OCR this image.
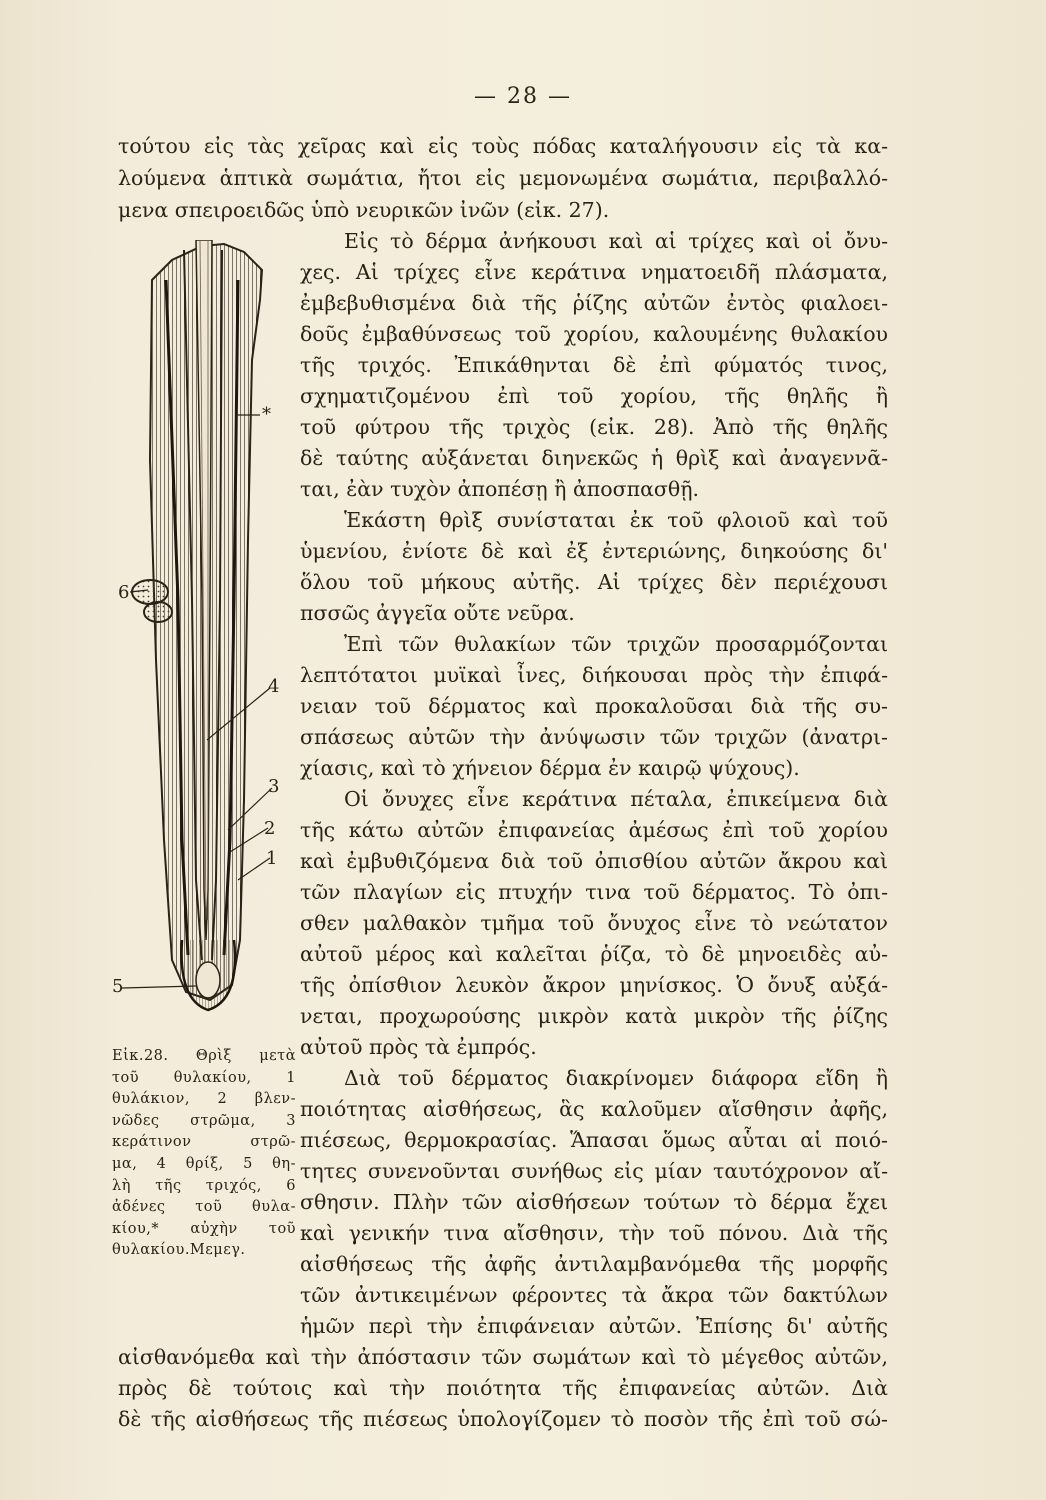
— 28 —
τούτου εἰς τὰς χεῖρας καὶ εἰς τοὺς πόδας καταλήγουσιν εἰς τὰ κα-
λούμενα ἁπτικὰ σωμάτια, ἤτοι εἰς μεμονωμένα σωμάτια, περιβαλλό-
μενα σπειροειδῶς ὑπὸ νευρικῶν ἰνῶν (εἰκ. 27).
Εἰς τὸ δέρμα ἀνήκουσι καὶ αἱ τρίχες καὶ οἱ ὄνυ-
χες. Αἱ τρίχες εἶνε κεράτινα νηματοειδῆ πλάσματα,
ἐμβεβυθισμένα διὰ τῆς ῥίζης αὐτῶν ἐντὸς φιαλοει-
δοῦς ἐμβαθύνσεως τοῦ χορίου, καλουμένης θυλακίου
τῆς τριχός. Ἐπικάθηνται δὲ ἐπὶ φύματός τινος,
σχηματιζομένου ἐπὶ τοῦ χορίου, τῆς θηλῆς ἢ
τοῦ φύτρου τῆς τριχὸς (εἰκ. 28). Ἀπὸ τῆς θηλῆς
δὲ ταύτης αὐξάνεται διηνεκῶς ἡ θρὶξ καὶ ἀναγεννᾶ-
ται, ἐὰν τυχὸν ἀποπέσῃ ἢ ἀποσπασθῇ.
Ἑκάστη θρὶξ συνίσταται ἐκ τοῦ φλοιοῦ καὶ τοῦ
ὑμενίου, ἐνίοτε δὲ καὶ ἐξ ἐντεριώνης, διηκούσης δι'
ὅλου τοῦ μήκους αὐτῆς. Αἱ τρίχες δὲν περιέχουσι
πσσῶς ἀγγεῖα οὔτε νεῦρα.
Ἐπὶ τῶν θυλακίων τῶν τριχῶν προσαρμόζονται
λεπτότατοι μυϊκαὶ ἶνες, διήκουσαι πρὸς τὴν ἐπιφά-
νειαν τοῦ δέρματος καὶ προκαλοῦσαι διὰ τῆς συ-
σπάσεως αὐτῶν τὴν ἀνύψωσιν τῶν τριχῶν (ἀνατρι-
χίασις, καὶ τὸ χήνειον δέρμα ἐν καιρῷ ψύχους).
Οἱ ὄνυχες εἶνε κεράτινα πέταλα, ἐπικείμενα διὰ
τῆς κάτω αὐτῶν ἐπιφανείας ἀμέσως ἐπὶ τοῦ χορίου
καὶ ἐμβυθιζόμενα διὰ τοῦ ὀπισθίου αὐτῶν ἄκρου καὶ
τῶν πλαγίων εἰς πτυχήν τινα τοῦ δέρματος. Τὸ ὀπι-
σθεν μαλθακὸν τμῆμα τοῦ ὄνυχος εἶνε τὸ νεώτατον
αὐτοῦ μέρος καὶ καλεῖται ῥίζα, τὸ δὲ μηνοειδὲς αὐ-
τῆς ὀπίσθιον λευκὸν ἄκρον μηνίσκος. Ὁ ὄνυξ αὐξά-
νεται, προχωρούσης μικρὸν κατὰ μικρὸν τῆς ῥίζης
αὐτοῦ πρὸς τὰ ἐμπρός.
Διὰ τοῦ δέρματος διακρίνομεν διάφορα εἴδη ἢ
ποιότητας αἰσθήσεως, ἃς καλοῦμεν αἴσθησιν ἀφῆς,
πιέσεως, θερμοκρασίας. Ἅπασαι ὅμως αὗται αἱ ποιό-
τητες συνενοῦνται συνήθως εἰς μίαν ταυτόχρονον αἴ-
σθησιν. Πλὴν τῶν αἰσθήσεων τούτων τὸ δέρμα ἔχει
καὶ γενικήν τινα αἴσθησιν, τὴν τοῦ πόνου. Διὰ τῆς
αἰσθήσεως τῆς ἀφῆς ἀντιλαμβανόμεθα τῆς μορφῆς
τῶν ἀντικειμένων φέροντες τὰ ἄκρα τῶν δακτύλων
ἡμῶν περὶ τὴν ἐπιφάνειαν αὐτῶν. Ἐπίσης δι' αὐτῆς
αἰσθανόμεθα καὶ τὴν ἀπόστασιν τῶν σωμάτων καὶ τὸ μέγεθος αὐτῶν,
πρὸς δὲ τούτοις καὶ τὴν ποιότητα τῆς ἐπιφανείας αὐτῶν. Διὰ
δὲ τῆς αἰσθήσεως τῆς πιέσεως ὑπολογίζομεν τὸ ποσὸν τῆς ἐπὶ τοῦ σώ-
*
6
4
3
2
1
5
Εἰκ.28. Θρὶξ μετὰ
τοῦ θυλακίου, 1
θυλάκιον, 2 βλεν-
νῶδες στρῶμα, 3
κεράτινον στρῶ-
μα, 4 θρίξ, 5 θη-
λὴ τῆς τριχός, 6
ἀδένες τοῦ θυλα-
κίου,* αὐχὴν τοῦ
θυλακίου.Μεμεγ.
